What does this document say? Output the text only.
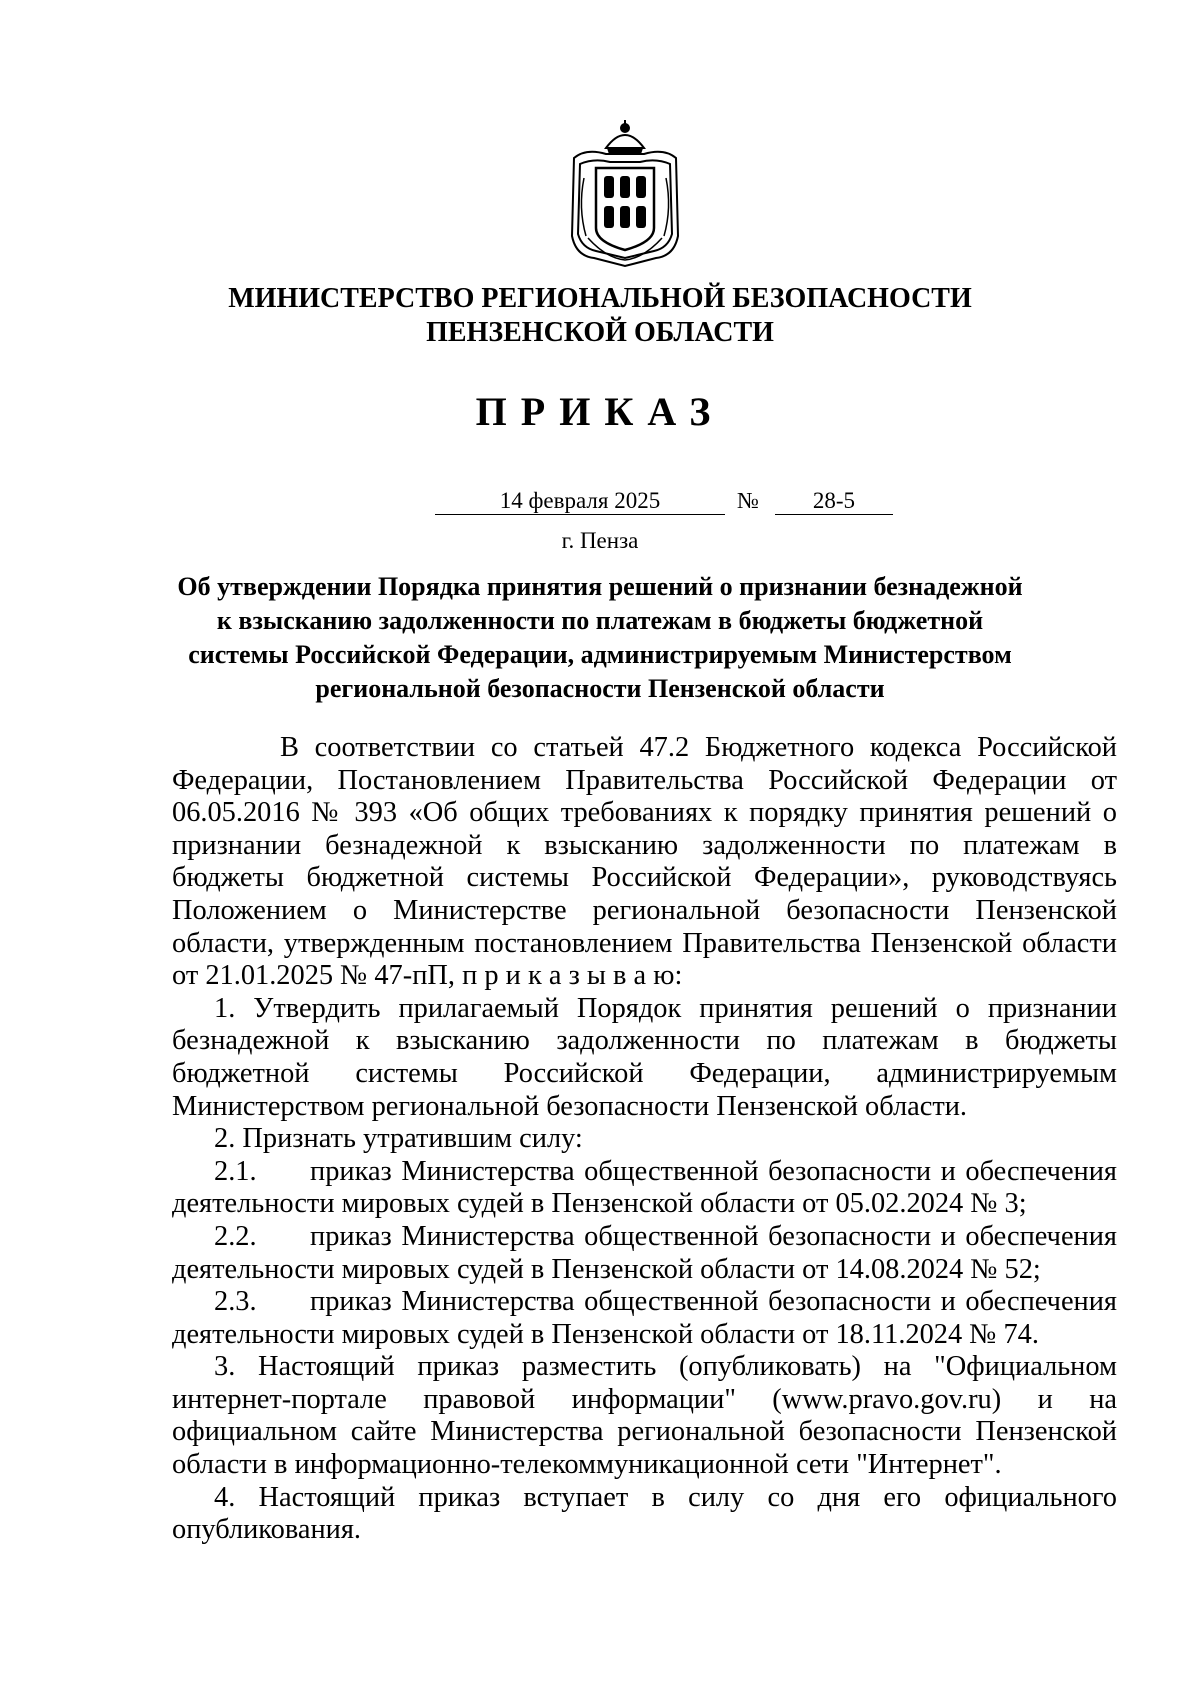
МИНИСТЕРСТВО РЕГИОНАЛЬНОЙ БЕЗОПАСНОСТИ
ПЕНЗЕНСКОЙ ОБЛАСТИ
ПРИКАЗ
14 февраля 2025	№	28-5
г. Пенза
Об утверждении Порядка принятия решений о признании безнадежной к взысканию задолженности по платежам в бюджеты бюджетной системы Российской Федерации, администрируемым Министерством региональной безопасности Пензенской области

В соответствии со статьей 47.2 Бюджетного кодекса Российской Федерации, Постановлением Правительства Российской Федерации от 06.05.2016 № 393 «Об общих требованиях к порядку принятия решений о признании безнадежной к взысканию задолженности по платежам в бюджеты бюджетной системы Российской Федерации», руководствуясь Положением о Министерстве региональной безопасности Пензенской области, утвержденным постановлением Правительства Пензенской области от 21.01.2025 № 47-пП, п р и к а з ы в а ю:

1. Утвердить прилагаемый Порядок принятия решений о признании безнадежной к взысканию задолженности по платежам в бюджеты бюджетной системы Российской Федерации, администрируемым Министерством региональной безопасности Пензенской области.

2. Признать утратившим силу:

2.1. приказ Министерства общественной безопасности и обеспечения деятельности мировых судей в Пензенской области от 05.02.2024 № 3;

2.2. приказ Министерства общественной безопасности и обеспечения деятельности мировых судей в Пензенской области от 14.08.2024 № 52;

2.3. приказ Министерства общественной безопасности и обеспечения деятельности мировых судей в Пензенской области от 18.11.2024 № 74.

3. Настоящий приказ разместить (опубликовать) на "Официальном интернет-портале правовой информации" (www.pravo.gov.ru) и на официальном сайте Министерства региональной безопасности Пензенской области в информационно-телекоммуникационной сети "Интернет".

4. Настоящий приказ вступает в силу со дня его официального опубликования.
